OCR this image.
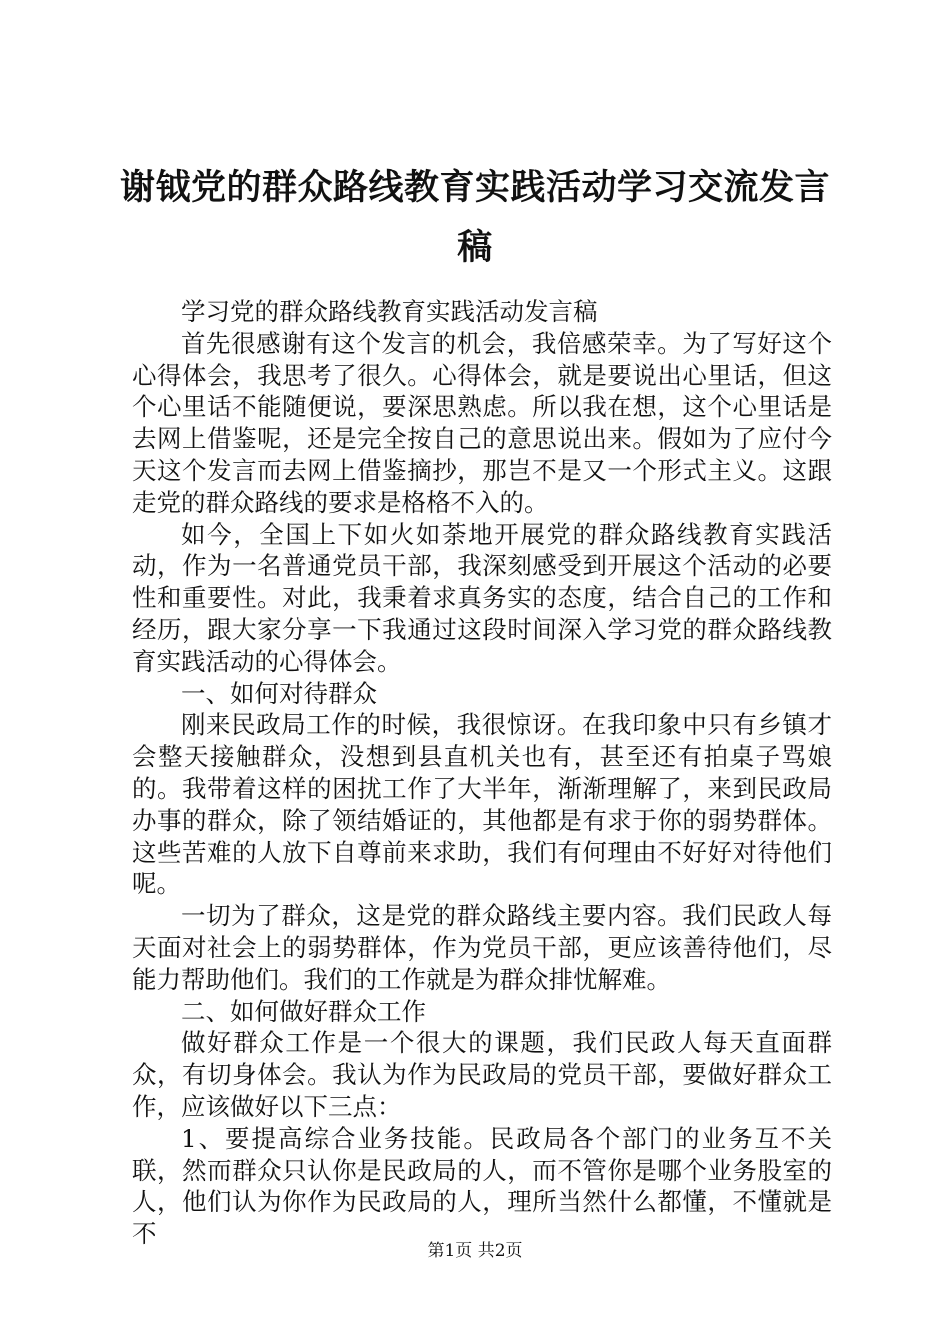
谢钺党的群众路线教育实践活动学习交流发言稿

学习党的群众路线教育实践活动发言稿

首先很感谢有这个发言的机会，我倍感荣幸。为了写好这个心得体会，我思考了很久。心得体会，就是要说出心里话，但这个心里话不能随便说，要深思熟虑。所以我在想，这个心里话是去网上借鉴呢，还是完全按自己的意思说出来。假如为了应付今天这个发言而去网上借鉴摘抄，那岂不是又一个形式主义。这跟走党的群众路线的要求是格格不入的。

如今，全国上下如火如荼地开展党的群众路线教育实践活动，作为一名普通党员干部，我深刻感受到开展这个活动的必要性和重要性。对此，我秉着求真务实的态度，结合自己的工作和经历，跟大家分享一下我通过这段时间深入学习党的群众路线教育实践活动的心得体会。

一、如何对待群众

刚来民政局工作的时候，我很惊讶。在我印象中只有乡镇才会整天接触群众，没想到县直机关也有，甚至还有拍桌子骂娘的。我带着这样的困扰工作了大半年，渐渐理解了，来到民政局办事的群众，除了领结婚证的，其他都是有求于你的弱势群体。这些苦难的人放下自尊前来求助，我们有何理由不好好对待他们呢。

一切为了群众，这是党的群众路线主要内容。我们民政人每天面对社会上的弱势群体，作为党员干部，更应该善待他们，尽能力帮助他们。我们的工作就是为群众排忧解难。

二、如何做好群众工作

做好群众工作是一个很大的课题，我们民政人每天直面群众，有切身体会。我认为作为民政局的党员干部，要做好群众工作，应该做好以下三点：

1、要提高综合业务技能。民政局各个部门的业务互不关联，然而群众只认你是民政局的人，而不管你是哪个业务股室的人，他们认为你作为民政局的人，理所当然什么都懂，不懂就是不

第1页 共2页
